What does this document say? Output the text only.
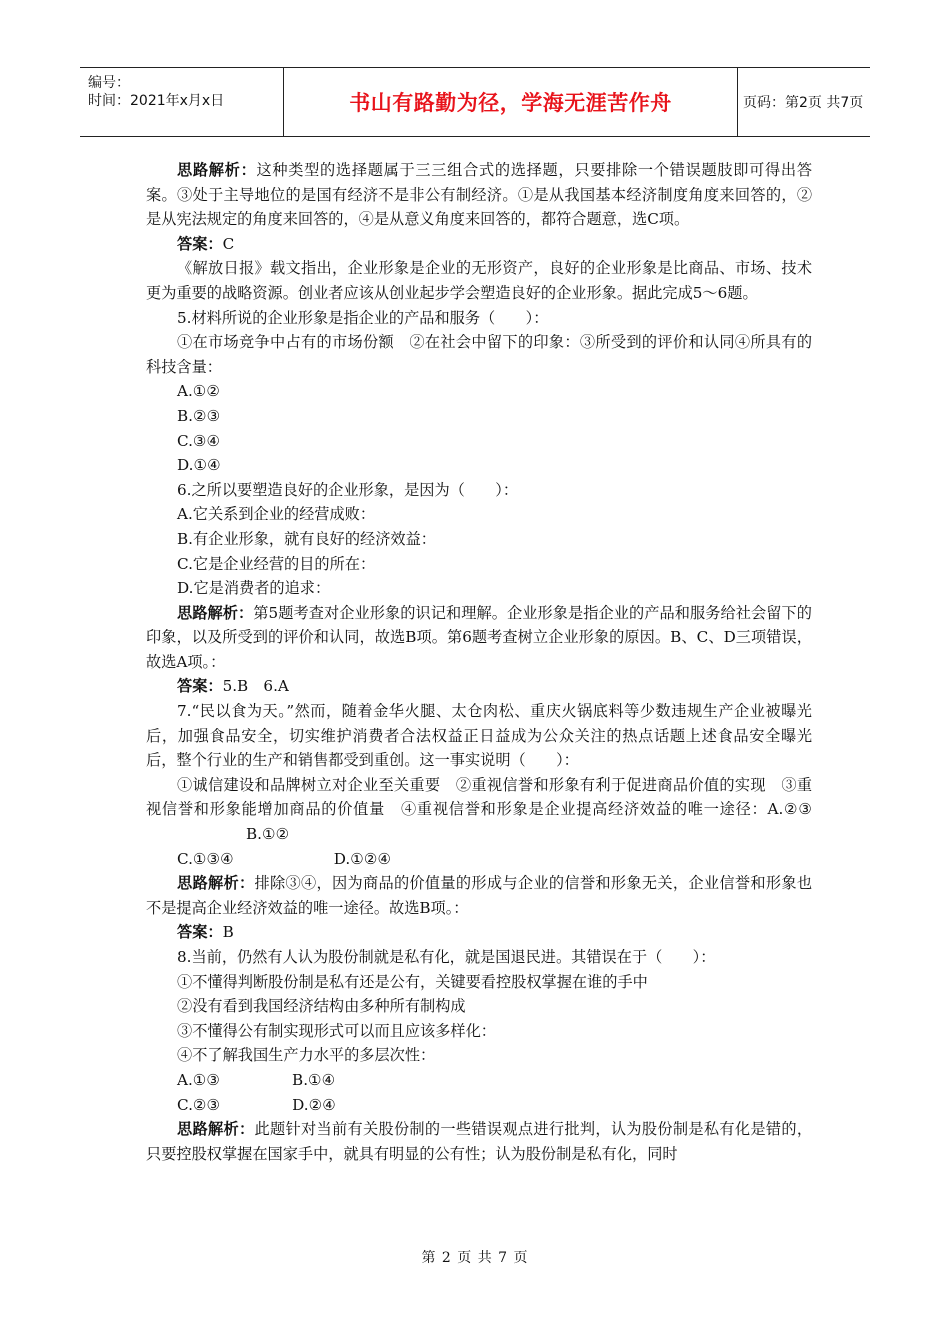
编号：
时间：2021年x月x日	书山有路勤为径，学海无涯苦作舟	页码：第2页 共7页

思路解析：这种类型的选择题属于三三组合式的选择题，只要排除一个错误题肢即可得出答案。③处于主导地位的是国有经济不是非公有制经济。①是从我国基本经济制度角度来回答的，②是从宪法规定的角度来回答的，④是从意义角度来回答的，都符合题意，选C项。

答案：C

《解放日报》载文指出，企业形象是企业的无形资产，良好的企业形象是比商品、市场、技术更为重要的战略资源。创业者应该从创业起步学会塑造良好的企业形象。据此完成5～6题。

5.材料所说的企业形象是指企业的产品和服务（　　）：

①在市场竞争中占有的市场份额　②在社会中留下的印象：③所受到的评价和认同④所具有的科技含量：

A.①②

B.②③

C.③④

D.①④

6.之所以要塑造良好的企业形象，是因为（　　）：

A.它关系到企业的经营成败：

B.有企业形象，就有良好的经济效益：

C.它是企业经营的目的所在：

D.它是消费者的追求：

思路解析：第5题考查对企业形象的识记和理解。企业形象是指企业的产品和服务给社会留下的印象，以及所受到的评价和认同，故选B项。第6题考查树立企业形象的原因。B、C、D三项错误，故选A项。：

答案：5.B　6.A

7.“民以食为天。”然而，随着金华火腿、太仓肉松、重庆火锅底料等少数违规生产企业被曝光后，加强食品安全，切实维护消费者合法权益正日益成为公众关注的热点话题上述食品安全曝光后，整个行业的生产和销售都受到重创。这一事实说明（　　）：

①诚信建设和品牌树立对企业至关重要　②重视信誉和形象有利于促进商品价值的实现　③重视信誉和形象能增加商品的价值量　④重视信誉和形象是企业提高经济效益的唯一途径：A.②③B.①②

C.①③④	D.①②④

思路解析：排除③④，因为商品的价值量的形成与企业的信誉和形象无关，企业信誉和形象也不是提高企业经济效益的唯一途径。故选B项。：

答案：B

8.当前，仍然有人认为股份制就是私有化，就是国退民进。其错误在于（　　）：

①不懂得判断股份制是私有还是公有，关键要看控股权掌握在谁的手中

②没有看到我国经济结构由多种所有制构成

③不懂得公有制实现形式可以而且应该多样化：

④不了解我国生产力水平的多层次性：

A.①③	B.①④

C.②③	D.②④

思路解析：此题针对当前有关股份制的一些错误观点进行批判，认为股份制是私有化是错的，只要控股权掌握在国家手中，就具有明显的公有性；认为股份制是私有化，同时

第 2 页 共 7 页
